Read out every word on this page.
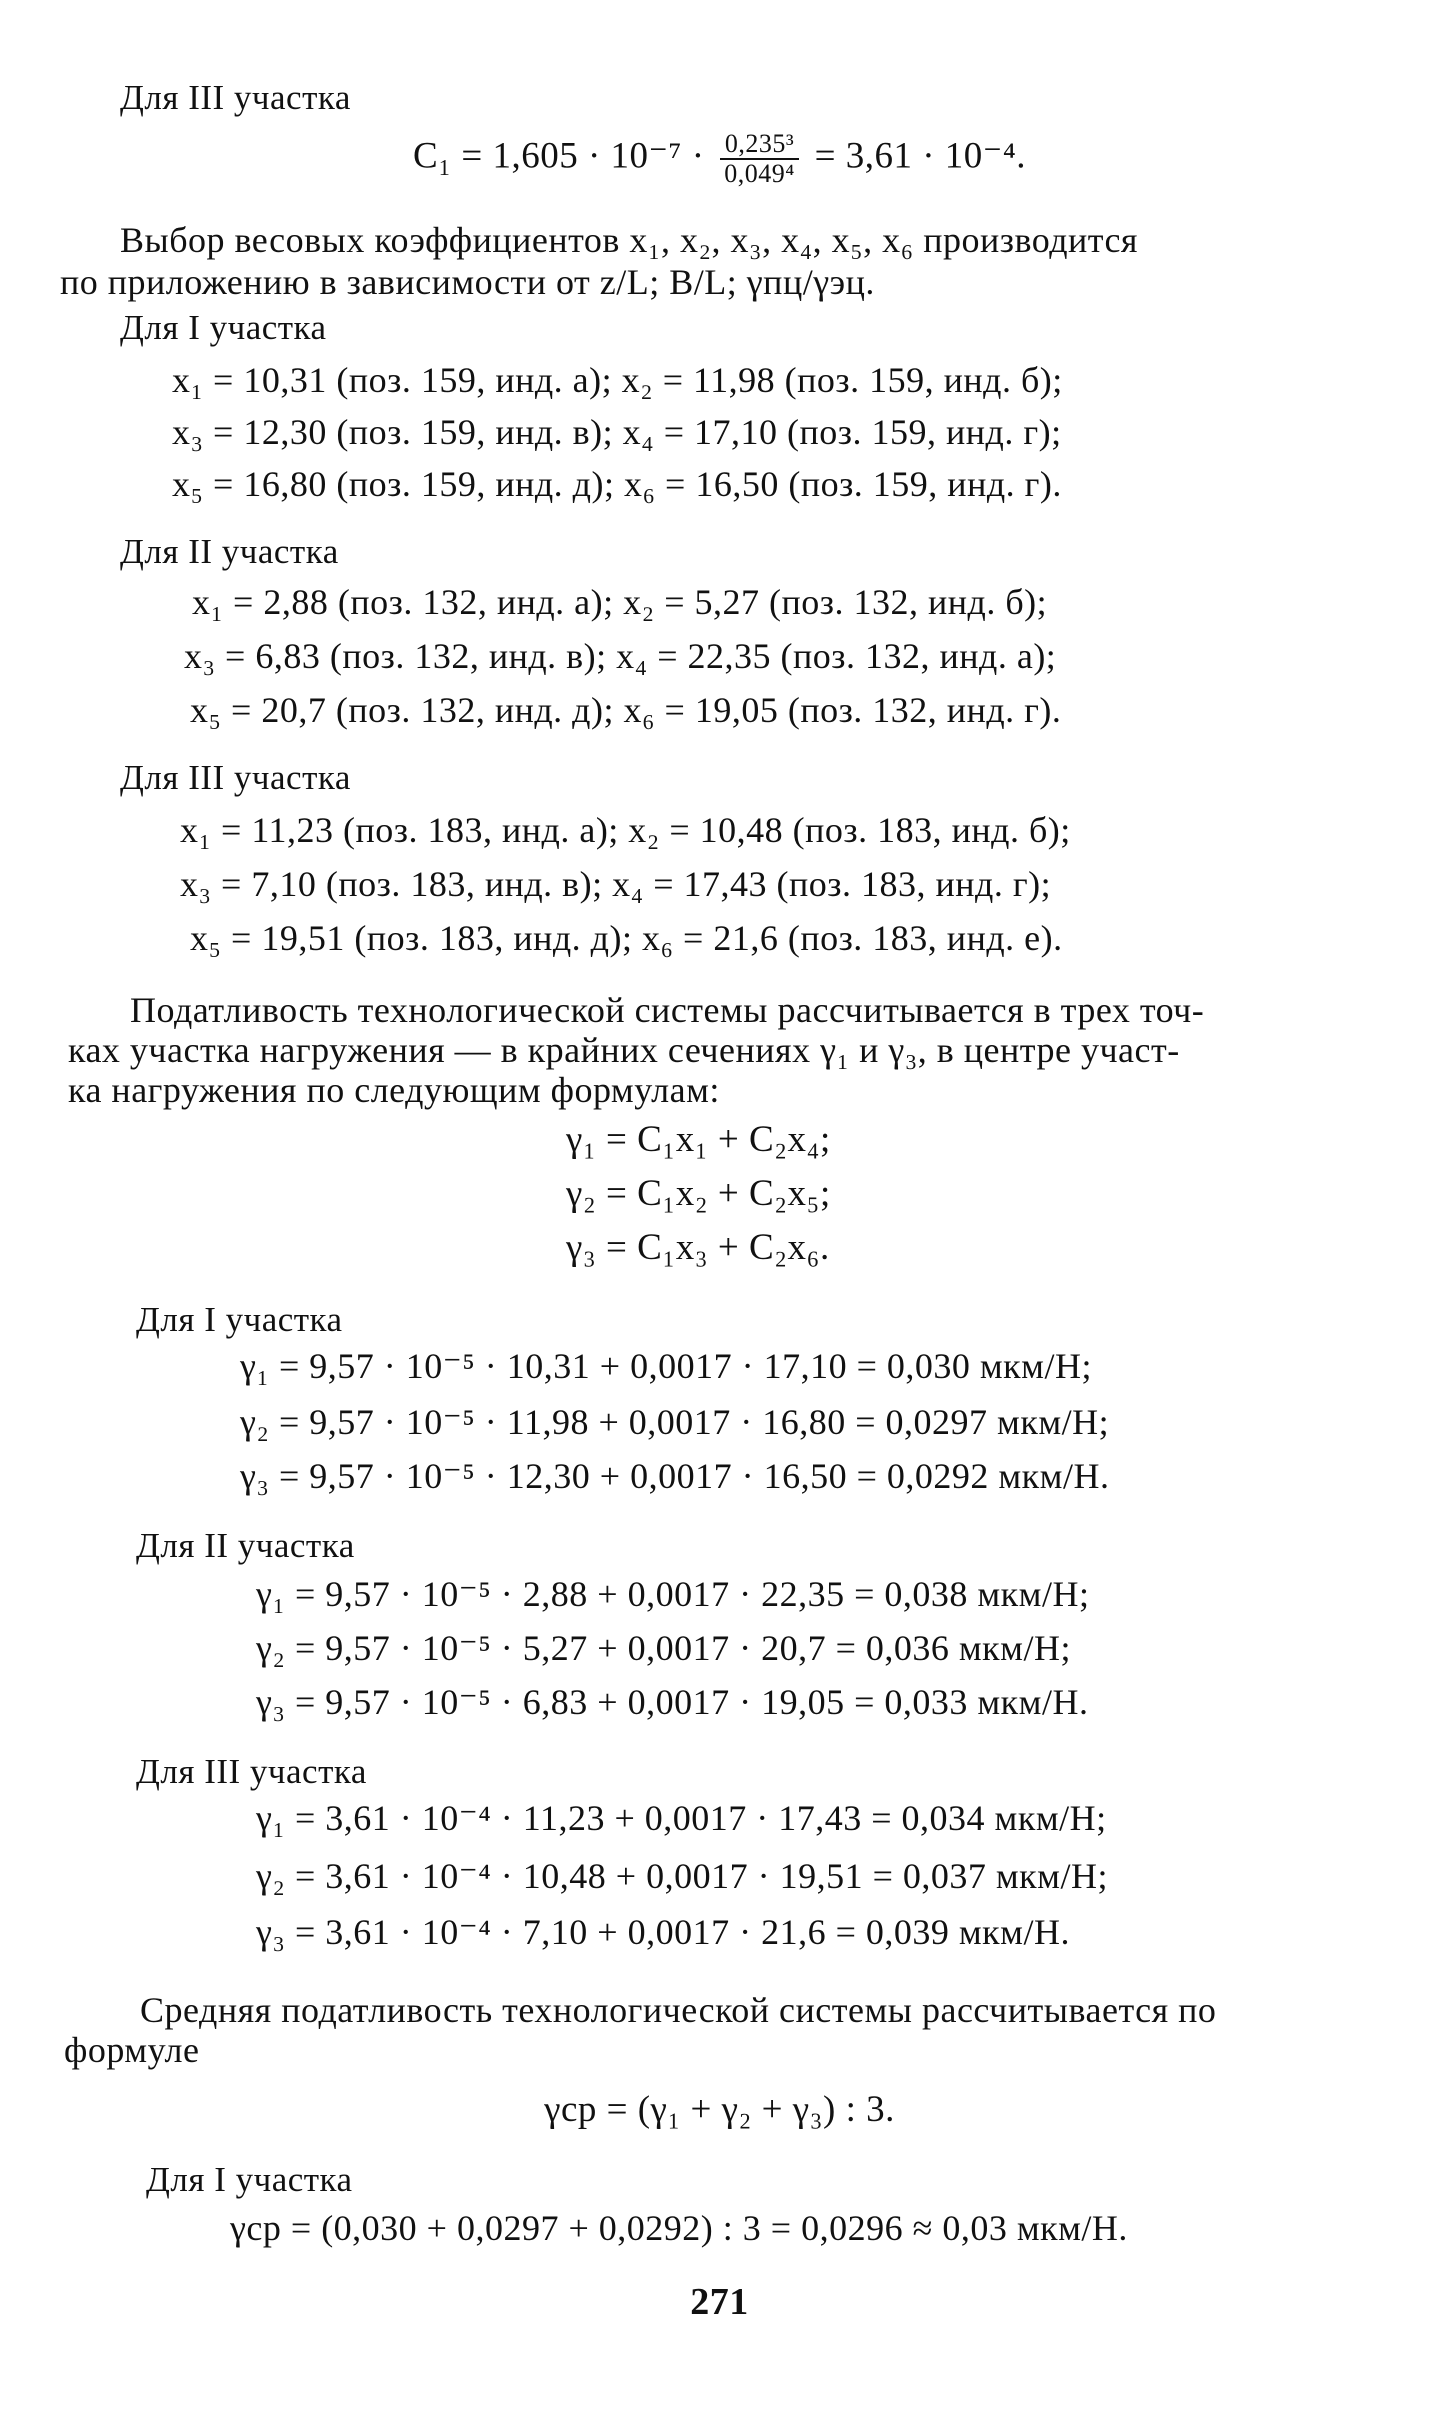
Для III участка
$C_1 = 1,605 \cdot 10^{-7} \cdot \frac{\text{0,235³}}{\text{0,049⁴}} = 3,61 \cdot 10^{-4}$.
Выбор весовых коэффициентов x₁, x₂, x₃, x₄, x₅, x₆ производится
по приложению в зависимости от z/L; B/L; γпц/γэц.
Для I участка
x₁ = 10,31 (поз. 159, инд. а); x₂ = 11,98 (поз. 159, инд. б);
x₃ = 12,30 (поз. 159, инд. в); x₄ = 17,10 (поз. 159, инд. г);
x₅ = 16,80 (поз. 159, инд. д); x₆ = 16,50 (поз. 159, инд. г).
Для II участка
x₁ = 2,88 (поз. 132, инд. а); x₂ = 5,27 (поз. 132, инд. б);
x₃ = 6,83 (поз. 132, инд. в); x₄ = 22,35 (поз. 132, инд. а);
x₅ = 20,7 (поз. 132, инд. д); x₆ = 19,05 (поз. 132, инд. г).
Для III участка
x₁ = 11,23 (поз. 183, инд. а); x₂ = 10,48 (поз. 183, инд. б);
x₃ = 7,10 (поз. 183, инд. в); x₄ = 17,43 (поз. 183, инд. г);
x₅ = 19,51 (поз. 183, инд. д); x₆ = 21,6 (поз. 183, инд. е).
Податливость технологической системы рассчитывается в трех точ-
ках участка нагружения — в крайних сечениях γ₁ и γ₃, в центре участ-
ка нагружения по следующим формулам:
γ₁ = C₁x₁ + C₂x₄;
γ₂ = C₁x₂ + C₂x₅;
γ₃ = C₁x₃ + C₂x₆.
Для I участка
γ₁ = 9,57 · 10⁻⁵ · 10,31 + 0,0017 · 17,10 = 0,030 мкм/Н;
γ₂ = 9,57 · 10⁻⁵ · 11,98 + 0,0017 · 16,80 = 0,0297 мкм/Н;
γ₃ = 9,57 · 10⁻⁵ · 12,30 + 0,0017 · 16,50 = 0,0292 мкм/Н.
Для II участка
γ₁ = 9,57 · 10⁻⁵ · 2,88 + 0,0017 · 22,35 = 0,038 мкм/Н;
γ₂ = 9,57 · 10⁻⁵ · 5,27 + 0,0017 · 20,7 = 0,036 мкм/Н;
γ₃ = 9,57 · 10⁻⁵ · 6,83 + 0,0017 · 19,05 = 0,033 мкм/Н.
Для III участка
γ₁ = 3,61 · 10⁻⁴ · 11,23 + 0,0017 · 17,43 = 0,034 мкм/Н;
γ₂ = 3,61 · 10⁻⁴ · 10,48 + 0,0017 · 19,51 = 0,037 мкм/Н;
γ₃ = 3,61 · 10⁻⁴ · 7,10 + 0,0017 · 21,6 = 0,039 мкм/Н.
Средняя податливость технологической системы рассчитывается по
формуле
γср = (γ₁ + γ₂ + γ₃) : 3.
Для I участка
γср = (0,030 + 0,0297 + 0,0292) : 3 = 0,0296 ≈ 0,03 мкм/Н.
271
